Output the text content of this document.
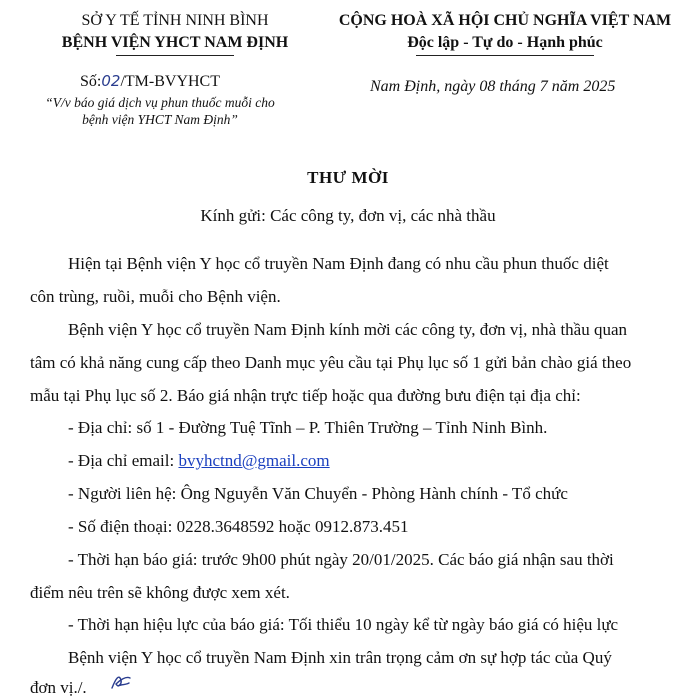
SỞ Y TẾ TỈNH NINH BÌNH
BỆNH VIỆN YHCT NAM ĐỊNH
CỘNG HOÀ XÃ HỘI CHỦ NGHĨA VIỆT NAM
Độc lập - Tự do - Hạnh phúc
Số:02/TM-BVYHCT
“V/v báo giá dịch vụ phun thuốc muỗi cho
bệnh viện YHCT Nam Định”
Nam Định, ngày 08 tháng 7 năm 2025
THƯ MỜI
Kính gửi: Các công ty, đơn vị, các nhà thầu
Hiện tại Bệnh viện Y học cổ truyền Nam Định đang có nhu cầu phun thuốc diệt
côn trùng, ruồi, muỗi cho Bệnh viện.
Bệnh viện Y học cổ truyền Nam Định kính mời các công ty, đơn vị, nhà thầu quan
tâm có khả năng cung cấp theo Danh mục yêu cầu tại Phụ lục số 1 gửi bản chào giá theo
mẫu tại Phụ lục số 2. Báo giá nhận trực tiếp hoặc qua đường bưu điện tại địa chỉ:
- Địa chỉ: số 1 - Đường Tuệ Tĩnh – P. Thiên Trường – Tỉnh Ninh Bình.
- Địa chỉ email: bvyhctnd@gmail.com
- Người liên hệ: Ông Nguyễn Văn Chuyển - Phòng Hành chính - Tổ chức
- Số điện thoại: 0228.3648592 hoặc 0912.873.451
- Thời hạn báo giá: trước 9h00 phút ngày 20/01/2025. Các báo giá nhận sau thời
điểm nêu trên sẽ không được xem xét.
- Thời hạn hiệu lực của báo giá: Tối thiểu 10 ngày kể từ ngày báo giá có hiệu lực
Bệnh viện Y học cổ truyền Nam Định xin trân trọng cảm ơn sự hợp tác của Quý
đơn vị./.
